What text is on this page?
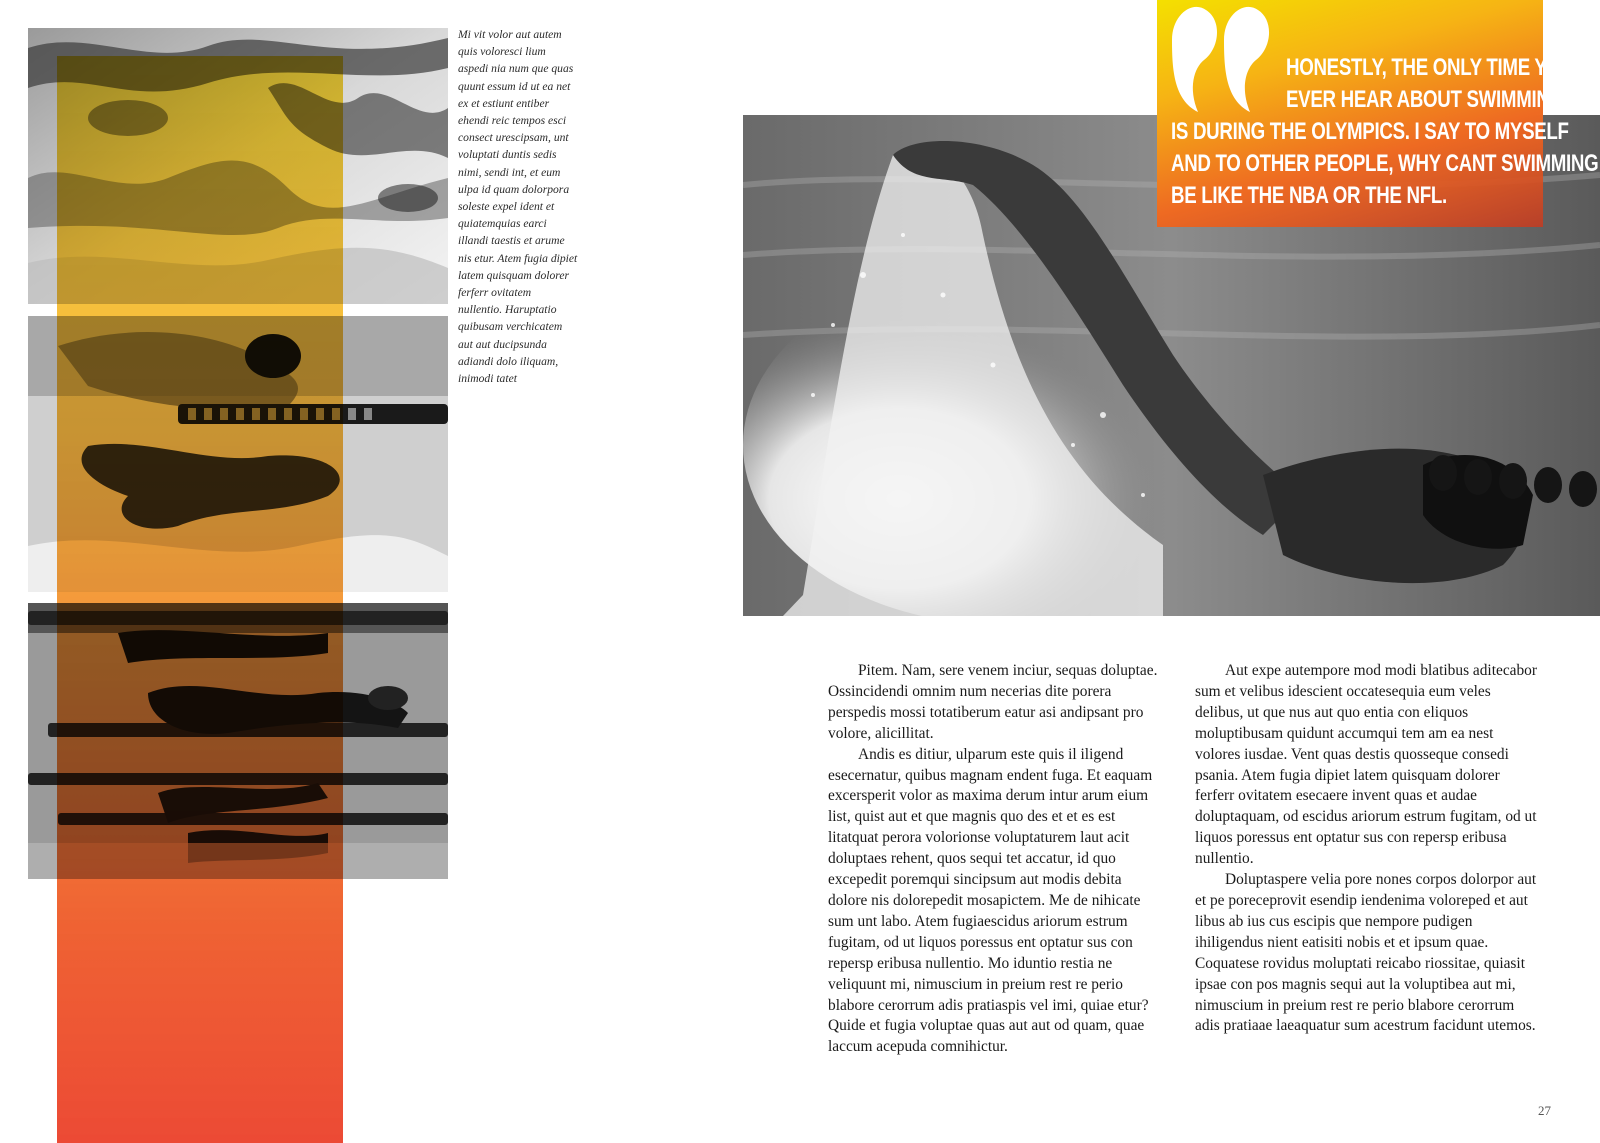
Mi vit volor aut autem quis voloresci lium aspedi nia num que quas quunt essum id ut ea net ex et estiunt entiber ehendi reic tempos esci consect urescipsam, unt voluptati duntis sedis nimi, sendi int, et eum ulpa id quam dolorpora soleste expel ident et quiatemquias earci illandi taestis et arume nis etur. Atem fugia dipiet latem quisquam dolorer ferferr ovitatem nullentio. Haruptatio quibusam verchicatem aut aut ducipsunda adiandi dolo iliquam, inimodi tatet
HONESTLY, THE ONLY TIME YOU
EVER HEAR ABOUT SWIMMING
IS DURING THE OLYMPICS. I SAY TO MYSELF
AND TO OTHER PEOPLE, WHY CANT SWIMMING
BE LIKE THE NBA OR THE NFL.

Pitem. Nam, sere venem inciur, sequas doluptae. Ossincidendi omnim num necerias dite porera perspedis mossi totatiberum eatur asi andipsant pro volore, alicillitat.

Andis es ditiur, ulparum este quis il iligend esecernatur, quibus magnam endent fuga. Et eaquam excersperit volor as maxima derum intur arum eium list, quist aut et que magnis quo des et et es est litatquat perora volorionse voluptaturem laut acit doluptaes rehent, quos sequi tet accatur, id quo excepedit poremqui sincipsum aut modis debita dolore nis dolorepedit mosapictem. Me de nihicate sum unt labo. Atem fugiaescidus ariorum estrum fugitam, od ut liquos poressus ent optatur sus con repersp eribusa nullentio. Mo iduntio restia ne veliquunt mi, nimuscium in preium rest re perio blabore cerorrum adis pratiaspis vel imi, quiae etur? Quide et fugia voluptae quas aut aut od quam, quae laccum acepuda comnihictur.

Aut expe autempore mod modi blatibus aditecabor sum et velibus idescient occatesequia eum veles delibus, ut que nus aut quo entia con eliquos moluptibusam quidunt accumqui tem am ea nest volores iusdae. Vent quas destis quosseque consedi psania. Atem fugia dipiet latem quisquam dolorer ferferr ovitatem esecaere invent quas et audae doluptaquam, od escidus ariorum estrum fugitam, od ut liquos poressus ent optatur sus con repersp eribusa nullentio.

Doluptaspere velia pore nones corpos dolorpor aut et pe poreceprovit esendip iendenima voloreped et aut libus ab ius cus escipis que nempore pudigen ihiligendus nient eatisiti nobis et et ipsum quae. Coquatese rovidus moluptati reicabo riossitae, quiasit ipsae con pos magnis sequi aut la voluptibea aut mi, nimuscium in preium rest re perio blabore cerorrum adis pratiaae laeaquatur sum acestrum facidunt utemos.

27
